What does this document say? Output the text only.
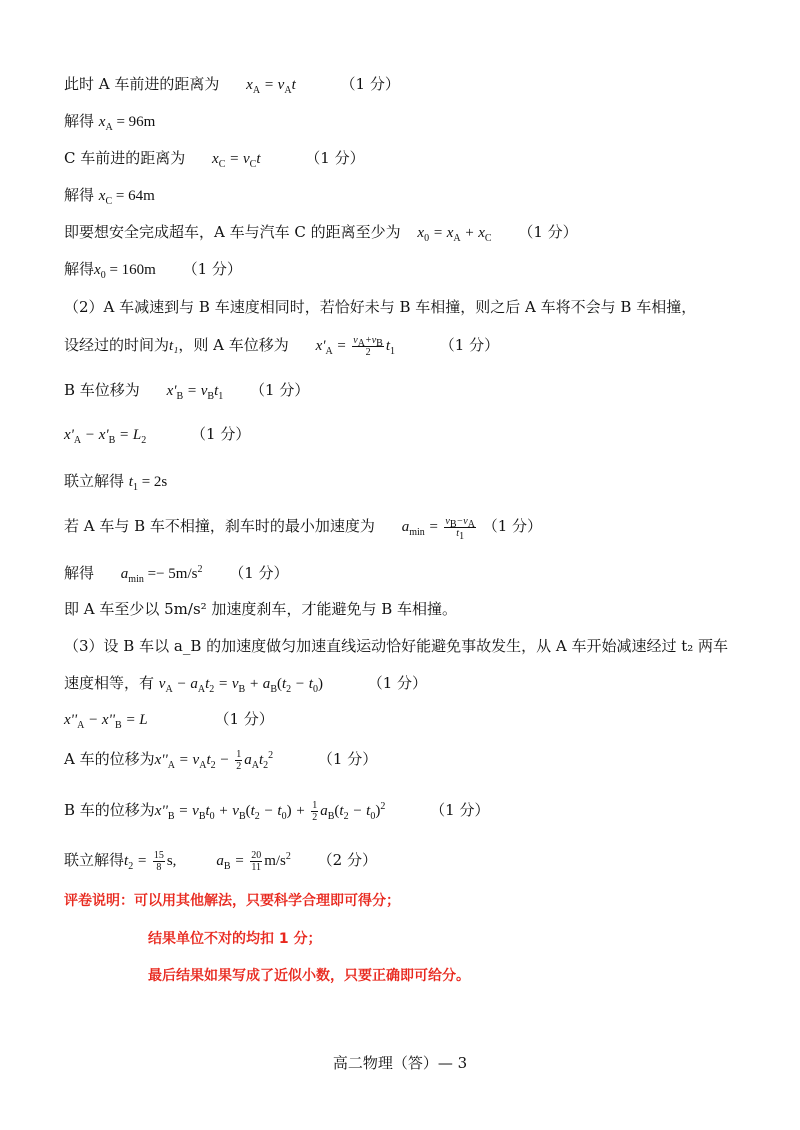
此时 A 车前进的距离为 $x_A = v_At$	（1 分）
解得 $x_A = 96m$
C 车前进的距离为 $x_C = v_Ct$	（1 分）
解得 $x_C = 64m$
即要想安全完成超车，A 车与汽车 C 的距离至少为 $x_0 = x_A + x_C$ （1 分）
解得$x_0 = 160m$ （1 分）
（2）A 车减速到与 B 车速度相同时，若恰好未与 B 车相撞，则之后 A 车将不会与 B 车相撞，
设经过的时间为t₁，则 A 车位移为 $x'_A = \frac{v_A+v_B}{2} t_1$	（1 分）
B 车位移为 $x'_B = v_Bt_1$ （1 分）
$x'_A - x'_B = L_2$	（1 分）
联立解得 $t_1 = 2s$
若 A 车与 B 车不相撞，刹车时的最小加速度为 $a_{min} = \frac{v_B-v_A}{t_1} (1$ 分）
解得 $a_{min} =- 5m/s^2$ （1 分）
即 A 车至少以 5m/s² 加速度刹车，才能避免与 B 车相撞。
（3）设 B 车以 a_B 的加速度做匀加速直线运动恰好能避免事故发生，从 A 车开始减速经过 t₂ 两车
速度相等，有 $v_A - a_At_2 = v_B + a_B(t_2 - t_0)$	（1 分）
$x''_A - x''_B = L$	（1 分）
A 车的位移为$x''_A = v_At_2 - \frac{1}{2} a_At_2^2$	（1 分）
B 车的位移为$x''_B = v_Bt_0 + v_B(t_2 - t_0) + \frac{1}{2} a_B(t_2 - t_0)^2$	（1 分）
联立解得$t_2 = \frac{15}{8} s$,	$a_B = \frac{20}{11} m/s^2$ （2 分）
评卷说明：可以用其他解法，只要科学合理即可得分；
结果单位不对的均扣 1 分；
最后结果如果写成了近似小数，只要正确即可给分。
高二物理（答）— 3
